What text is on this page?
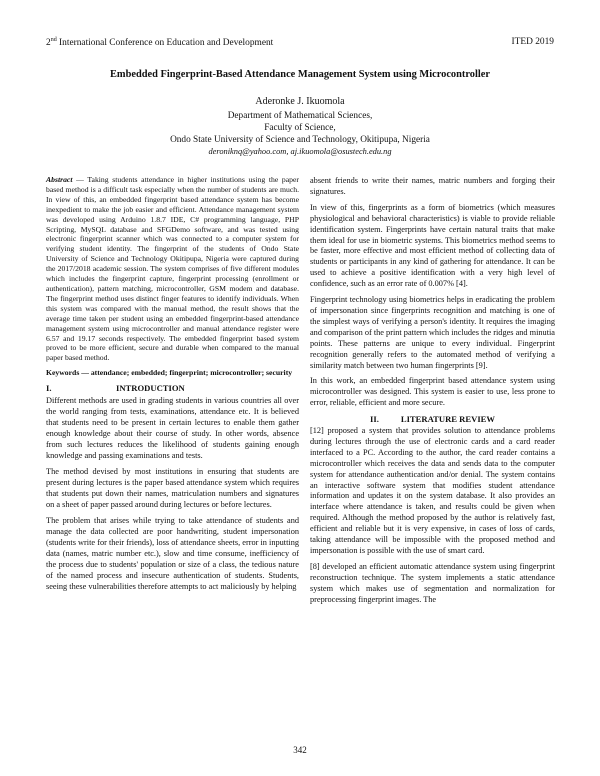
2nd International Conference on Education and Development	ITED 2019
Embedded Fingerprint-Based Attendance Management System using Microcontroller
Aderonke J. Ikuomola
Department of Mathematical Sciences,
Faculty of Science,
Ondo State University of Science and Technology, Okitipupa, Nigeria
deroniknq@yahoo.com, aj.ikuomola@osustech.edu.ng

Abstract — Taking students attendance in higher institutions using the paper based method is a difficult task especially when the number of students are much. In view of this, an embedded fingerprint based attendance system has become inexpedient to make the job easier and efficient. Attendance management system was developed using Arduino 1.8.7 IDE, C# programming language, PHP Scripting, MySQL database and SFGDemo software, and was tested using electronic fingerprint scanner which was connected to a computer system for verifying student identity. The fingerprint of the students of Ondo State University of Science and Technology Okitipupa, Nigeria were captured during the 2017/2018 academic session. The system comprises of five different modules which includes the fingerprint capture, fingerprint processing (enrollment or authentication), pattern matching, microcontroller, GSM modem and database. The fingerprint method uses distinct finger features to identify individuals. When this system was compared with the manual method, the result shows that the average time taken per student using an embedded fingerprint-based attendance management system using microcontroller and manual attendance register were 6.57 and 19.17 seconds respectively. The embedded fingerprint based system proved to be more efficient, secure and durable when compared to the manual paper based method.

Keywords — attendance; embedded; fingerprint; microcontroller; security

I.	INTRODUCTION

Different methods are used in grading students in various countries all over the world ranging from tests, examinations, attendance etc. It is believed that students need to be present in certain lectures to enable them gather enough knowledge about their course of study. In other words, absence from such lectures reduces the likelihood of students gaining enough knowledge and passing examinations and tests.

The method devised by most institutions in ensuring that students are present during lectures is the paper based attendance system which requires that students put down their names, matriculation numbers and signatures on a sheet of paper passed around during lectures or before lectures.

The problem that arises while trying to take attendance of students and manage the data collected are poor handwriting, student impersonation (students write for their friends), loss of attendance sheets, error in inputting data (names, matric number etc.), slow and time consume, inefficiency of the process due to students' population or size of a class, the tedious nature of the named process and insecure authentication of students. Students, seeing these vulnerabilities therefore attempts to act maliciously by helping

absent friends to write their names, matric numbers and forging their signatures.

In view of this, fingerprints as a form of biometrics (which measures physiological and behavioral characteristics) is viable to provide reliable identification system. Fingerprints have certain natural traits that make them ideal for use in biometric systems. This biometrics method seems to be faster, more effective and most efficient method of collecting data of students or participants in any kind of gathering for attendance. It can be used to achieve a positive identification with a very high level of confidence, such as an error rate of 0.007% [4].

Fingerprint technology using biometrics helps in eradicating the problem of impersonation since fingerprints recognition and matching is one of the simplest ways of verifying a person's identity. It requires the imaging and comparison of the print pattern which includes the ridges and minutia points. These patterns are unique to every individual. Fingerprint recognition generally refers to the automated method of verifying a similarity match between two human fingerprints [9].

In this work, an embedded fingerprint based attendance system using microcontroller was designed. This system is easier to use, less prone to error, reliable, efficient and more secure.

II.	LITERATURE REVIEW

[12] proposed a system that provides solution to attendance problems during lectures through the use of electronic cards and a card reader interfaced to a PC. According to the author, the card reader contains a microcontroller which receives the data and sends data to the computer system for attendance authentication and/or denial. The system contains an interactive software system that modifies student attendance information and updates it on the system database. It also provides an interface where attendance is taken, and results could be given when required. Although the method proposed by the author is relatively fast, efficient and reliable but it is very expensive, in cases of loss of cards, taking attendance will be impossible with the proposed method and impersonation is possible with the use of smart card.

[8] developed an efficient automatic attendance system using fingerprint reconstruction technique. The system implements a static attendance system which makes use of segmentation and normalization for preprocessing fingerprint images. The

342
